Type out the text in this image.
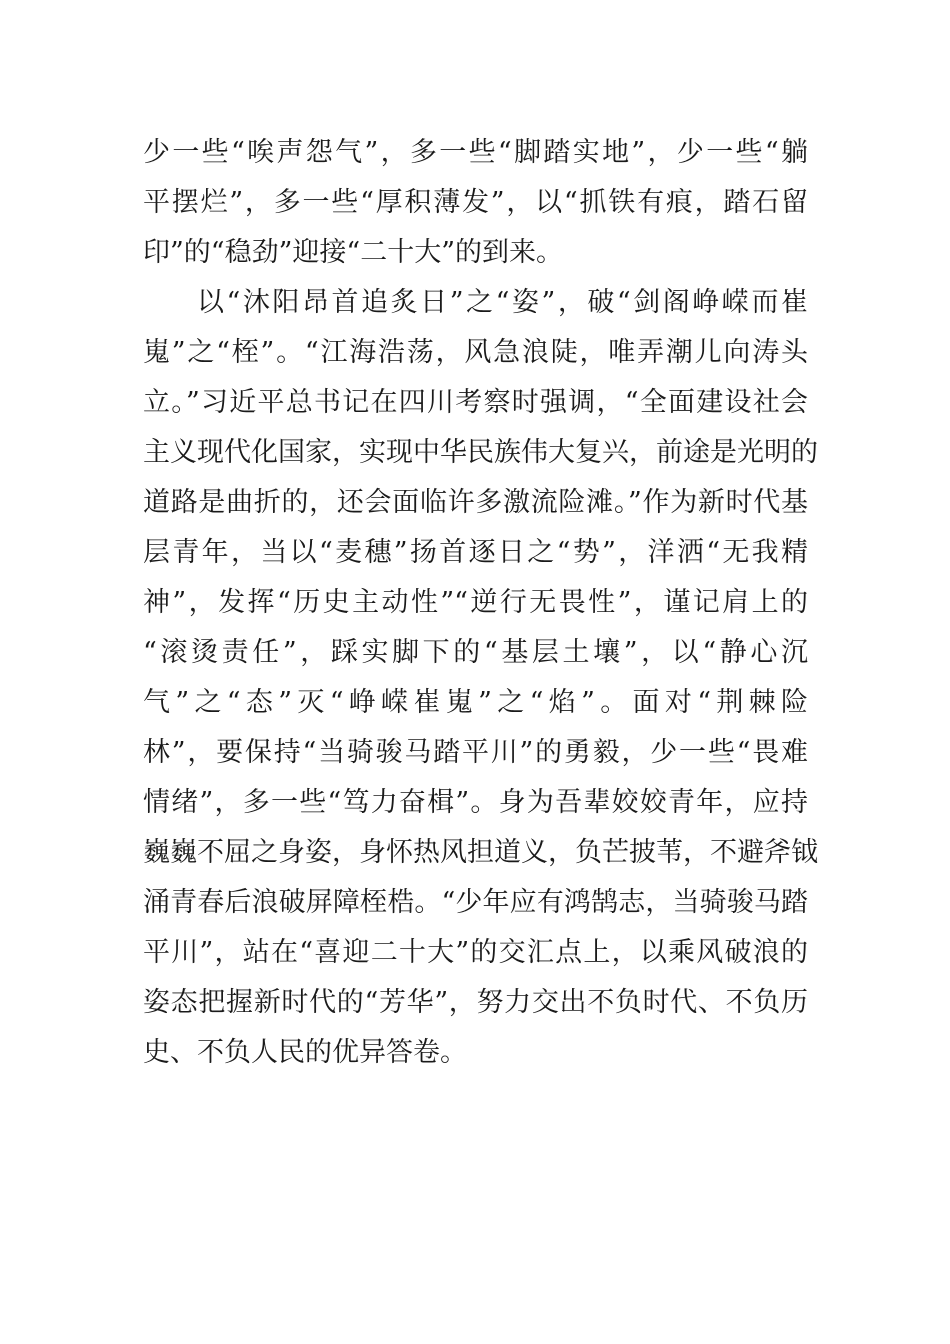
少一些“唉声怨气”，多一些“脚踏实地”，少一些“躺
平摆烂”，多一些“厚积薄发”，以“抓铁有痕，踏石留
印”的“稳劲”迎接“二十大”的到来。
以“沐阳昂首追炙日”之“姿”，破“剑阁峥嵘而崔
嵬”之“桎”。“江海浩荡，风急浪陡，唯弄潮儿向涛头
立。”习近平总书记在四川考察时强调，“全面建设社会
主义现代化国家，实现中华民族伟大复兴，前途是光明的
道路是曲折的，还会面临许多激流险滩。”作为新时代基
层青年，当以“麦穗”扬首逐日之“势”，洋洒“无我精
神”，发挥“历史主动性”“逆行无畏性”，谨记肩上的
“滚烫责任”，踩实脚下的“基层土壤”，以“静心沉
气”之“态”灭“峥嵘崔嵬”之“焰”。面对“荆棘险
林”，要保持“当骑骏马踏平川”的勇毅，少一些“畏难
情绪”，多一些“笃力奋楫”。身为吾辈姣姣青年，应持
巍巍不屈之身姿，身怀热风担道义，负芒披苇，不避斧钺
涌青春后浪破屏障桎梏。“少年应有鸿鹄志，当骑骏马踏
平川”，站在“喜迎二十大”的交汇点上，以乘风破浪的
姿态把握新时代的“芳华”，努力交出不负时代、不负历
史、不负人民的优异答卷。
